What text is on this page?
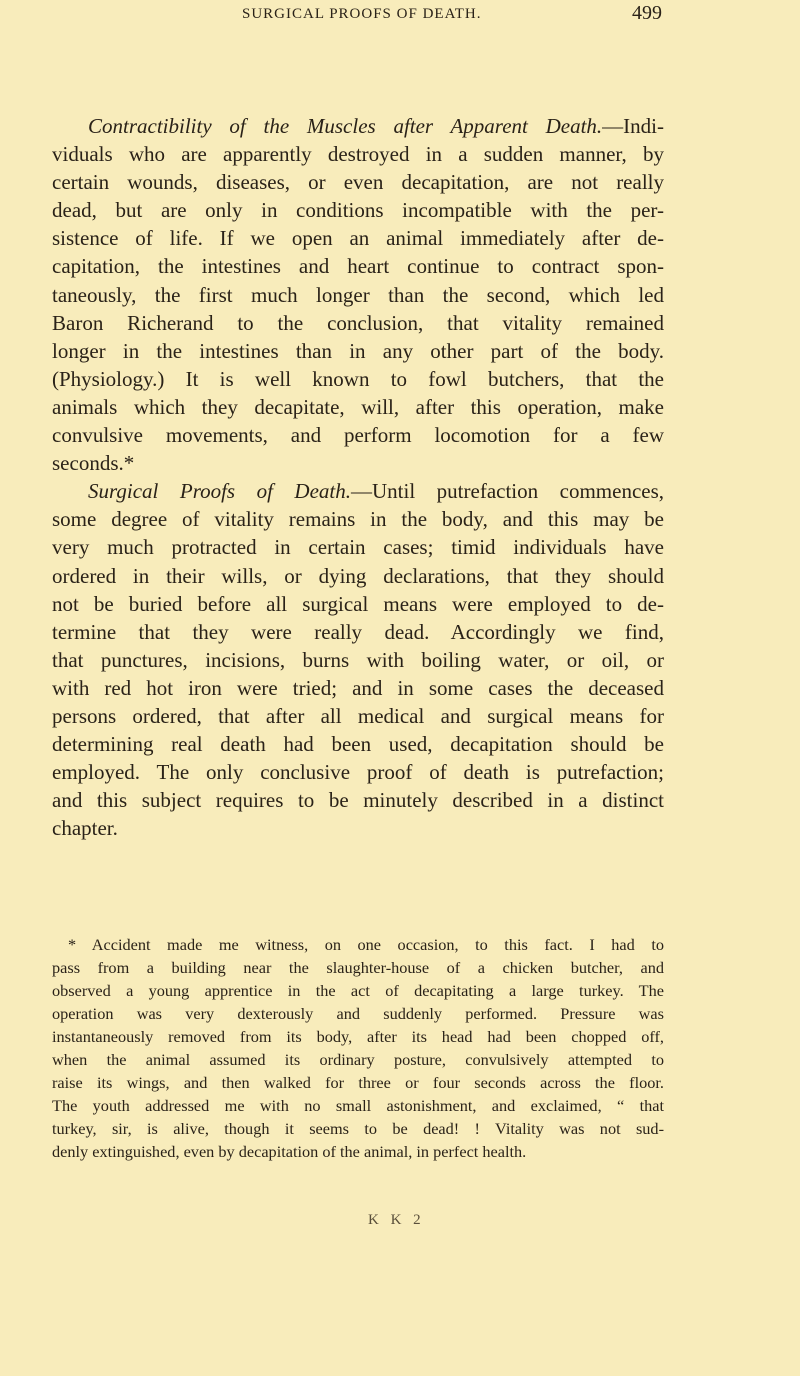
SURGICAL PROOFS OF DEATH.	499
Contractibility of the Muscles after Apparent Death.—Indi-
viduals who are apparently destroyed in a sudden manner, by
certain wounds, diseases, or even decapitation, are not really
dead, but are only in conditions incompatible with the per-
sistence of life. If we open an animal immediately after de-
capitation, the intestines and heart continue to contract spon-
taneously, the first much longer than the second, which led
Baron Richerand to the conclusion, that vitality remained
longer in the intestines than in any other part of the body.
(Physiology.) It is well known to fowl butchers, that the
animals which they decapitate, will, after this operation, make
convulsive movements, and perform locomotion for a few
seconds.*
Surgical Proofs of Death.—Until putrefaction commences,
some degree of vitality remains in the body, and this may be
very much protracted in certain cases; timid individuals have
ordered in their wills, or dying declarations, that they should
not be buried before all surgical means were employed to de-
termine that they were really dead. Accordingly we find,
that punctures, incisions, burns with boiling water, or oil, or
with red hot iron were tried; and in some cases the deceased
persons ordered, that after all medical and surgical means for
determining real death had been used, decapitation should be
employed. The only conclusive proof of death is putrefaction;
and this subject requires to be minutely described in a distinct
chapter.
* Accident made me witness, on one occasion, to this fact. I had to
pass from a building near the slaughter-house of a chicken butcher, and
observed a young apprentice in the act of decapitating a large turkey. The
operation was very dexterously and suddenly performed. Pressure was
instantaneously removed from its body, after its head had been chopped off,
when the animal assumed its ordinary posture, convulsively attempted to
raise its wings, and then walked for three or four seconds across the floor.
The youth addressed me with no small astonishment, and exclaimed, “ that
turkey, sir, is alive, though it seems to be dead! ! Vitality was not sud-
denly extinguished, even by decapitation of the animal, in perfect health.
K K 2
